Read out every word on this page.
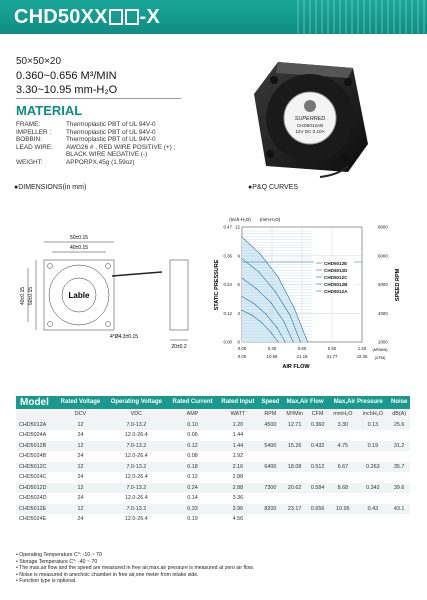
CHD50XX -X
50×50×20
0.360~0.656 M³/MIN
3.30~10.95 mm-H₂O
MATERIAL
FRAME:	Thermoplastic PBT of UL 94V-0
IMPELLER :	Thermoplastic PBT of UL 94V-0
BOBBIN:	Thermoplastic PBT of UL 94V-0
LEAD WIRE:	AWG26 # , RED WIRE POSITIVE (+) ;
BLACK WIRE NEGATIVE (-)
WEIGHT:	APPORPX.45g (1.59oz)
SUPERRED
CHD5012AB
12V DC 0.10A
●DIMENSIONS(in mm)	●P&Q CURVES
50±0.15
40±0.15
50±0.15
40±0.15	Lable
4*Ø4.3±0.15
20±0.2
(Inch-H₂O) (mm-H₂O)
0.47
0.36
0.24
0.12
0.00
12
9
6
3
0
8000
6000
5000
4000
2000
0.00	0.30	0.60	0.90	1.20
0.00	10.59	21.18	31.77	42.36
CHD5012E
CHD5012D
CHD5012C
CHD5012B
CHD5012A
STATIC PRESSURE	SPEED RPM
AIR FLOW
(M³/MIN)
(CFM)
Model	Rated Voltage	Operating Voltage	Rated Current	Rated Input	Speed	Max,Air Flow		Max,Air Pressure		Noise
	DCV	VDC	AMP	WATT	RPM	M³/Min	CFM	mmH₂O	inchH₂O	dB(A)
CHD5012A	12	7.0-13.2	0.10	1.20	4500	12.71	0.360	3.30	0.13	25.6
CHD5024A	24	12.0-26.4	0.06	1.44						
CHD5012B	12	7.0-13.2	0.12	1.44	5400	15.26	0.432	4.75	0.19	31.2
CHD5024B	24	12.0-26.4	0.08	1.92						
CHD5012C	12	7.0-13.2	0.18	2.16	6400	18.08	0.512	6.67	0.263	35.7
CHD5024C	24	12.0-26.4	0.12	2.88						
CHD5012D	12	7.0-13.2	0.24	2.88	7300	20.62	0.584	8.68	0.342	39.6
CHD5024D	24	12.0-26.4	0.14	3.36						
CHD5012E	12	7.0-13.2	0.33	3.96	8200	23.17	0.656	10.95	0.43	43.1
CHD5024E	24	12.0-26.4	0.19	4.56						
• Operating Temperature C°: -10 ~ 70
• Storage Temperature C°: -40 ~ 70
• The max.air flow and the speed are measured in free air,max.air pressure is measured at zero air flow.
• Noise is measured in anechoic chamber in free air,one meter from intake side.
• Function type is optional.
